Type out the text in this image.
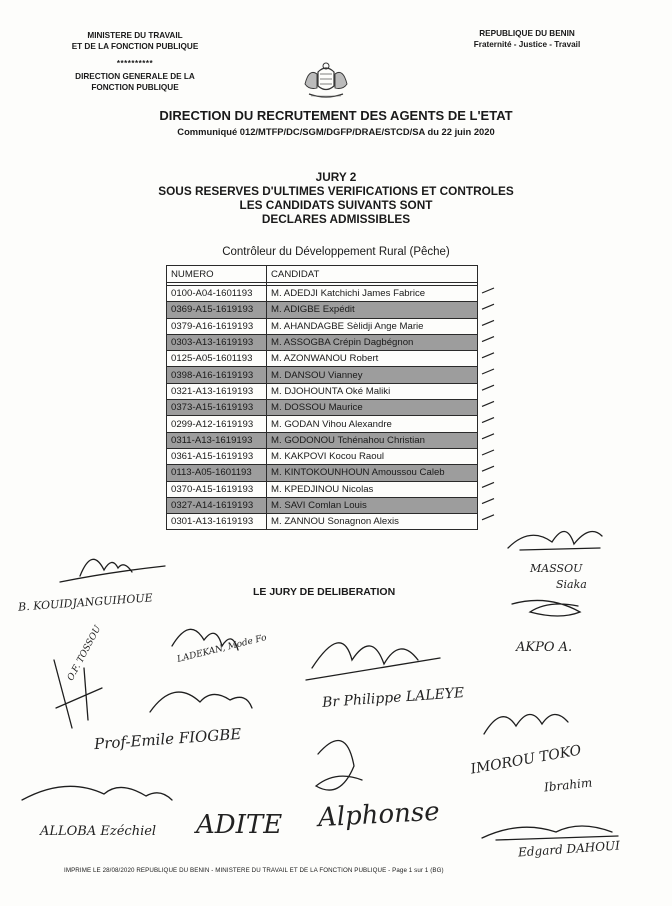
MINISTERE DU TRAVAIL
ET DE LA FONCTION PUBLIQUE
**********
DIRECTION GENERALE DE LA
FONCTION PUBLIQUE
REPUBLIQUE DU BENIN
Fraternité - Justice - Travail
DIRECTION DU RECRUTEMENT DES AGENTS DE L'ETAT
Communiqué 012/MTFP/DC/SGM/DGFP/DRAE/STCD/SA du 22 juin 2020
JURY 2
SOUS RESERVES D'ULTIMES VERIFICATIONS ET CONTROLES
LES CANDIDATS SUIVANTS SONT
DECLARES ADMISSIBLES
Contrôleur du Développement Rural (Pêche)
NUMERO	CANDIDAT

0100-A04-1601193	M. ADEDJI Katchichi James Fabrice
0369-A15-1619193	M. ADIGBE Expédit
0379-A16-1619193	M. AHANDAGBE Sèlidji Ange Marie
0303-A13-1619193	M. ASSOGBA Crépin Dagbégnon
0125-A05-1601193	M. AZONWANOU Robert
0398-A16-1619193	M. DANSOU Vianney
0321-A13-1619193	M. DJOHOUNTA Oké Maliki
0373-A15-1619193	M. DOSSOU Maurice
0299-A12-1619193	M. GODAN Vihou Alexandre
0311-A13-1619193	M. GODONOU Tchénahou Christian
0361-A15-1619193	M. KAKPOVI Kocou Raoul
0113-A05-1601193	M. KINTOKOUNHOUN Amoussou Caleb
0370-A15-1619193	M. KPEDJINOU Nicolas
0327-A14-1619193	M. SAVI Comlan Louis
0301-A13-1619193	M. ZANNOU Sonagnon Alexis
LE JURY DE DELIBERATION
B. KOUIDJANGUIHOUE
MASSOU
Siaka
AKPO A.
LADEKAN, Mode Fo
O.F. TOSSOU
Br Philippe LALEYE
Prof-Emile FIOGBE
IMOROU TOKO
Ibrahim
ALLOBA Ezéchiel ADITE Alphonse
Edgard DAHOUI
IMPRIME LE 28/08/2020 REPUBLIQUE DU BENIN - MINISTERE DU TRAVAIL ET DE LA FONCTION PUBLIQUE - Page 1 sur 1 (BG)
